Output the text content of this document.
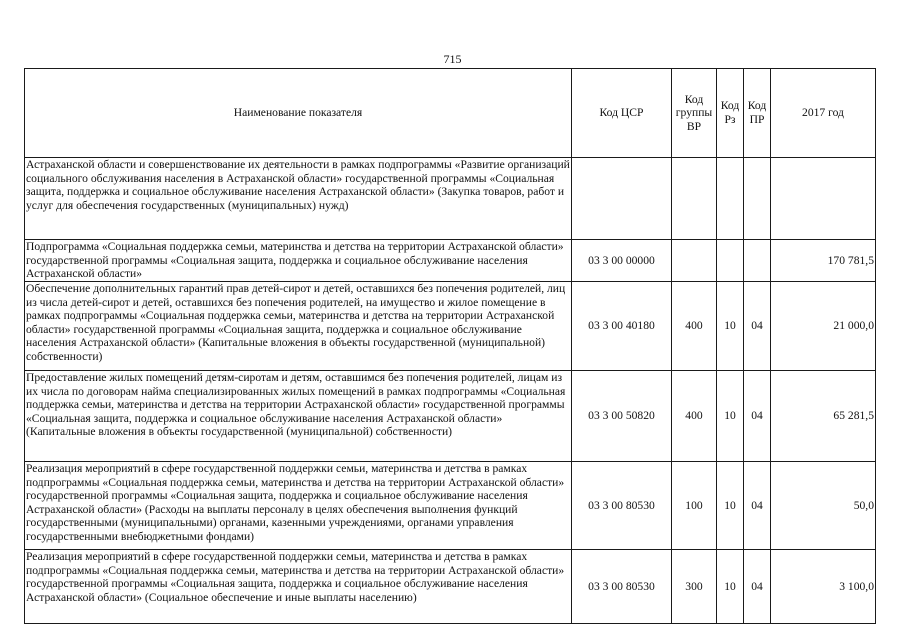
715
Наименование показателя	Код ЦСР	Код группы ВР	Код Рз	Код ПР	2017 год
Астраханской области и совершенствование их деятельности в рамках подпрограммы «Развитие организаций социального обслуживания населения в Астраханской области» государственной программы «Социальная защита, поддержка и социальное обслуживание населения Астраханской области» (Закупка товаров, работ и услуг для обеспечения государственных (муниципальных) нужд)					
Подпрограмма «Социальная поддержка семьи, материнства и детства на территории Астраханской области» государственной программы «Социальная защита, поддержка и социальное обслуживание населения Астраханской области»	03 3 00 00000				170 781,5
Обеспечение дополнительных гарантий прав детей-сирот и детей, оставшихся без попечения родителей, лиц из числа детей-сирот и детей, оставшихся без попечения родителей, на имущество и жилое помещение в рамках подпрограммы «Социальная поддержка семьи, материнства и детства на территории Астраханской области» государственной программы «Социальная защита, поддержка и социальное обслуживание населения Астраханской области» (Капитальные вложения в объекты государственной (муниципальной) собственности)	03 3 00 40180	400	10	04	21 000,0
Предоставление жилых помещений детям-сиротам и детям, оставшимся без попечения родителей, лицам из их числа по договорам найма специализированных жилых помещений в рамках подпрограммы «Социальная поддержка семьи, материнства и детства на территории Астраханской области» государственной программы «Социальная защита, поддержка и социальное обслуживание населения Астраханской области» (Капитальные вложения в объекты государственной (муниципальной) собственности)	03 3 00 50820	400	10	04	65 281,5
Реализация мероприятий в сфере государственной поддержки семьи, материнства и детства в рамках подпрограммы «Социальная поддержка семьи, материнства и детства на территории Астраханской области» государственной программы «Социальная защита, поддержка и социальное обслуживание населения Астраханской области» (Расходы на выплаты персоналу в целях обеспечения выполнения функций государственными (муниципальными) органами, казенными учреждениями, органами управления государственными внебюджетными фондами)	03 3 00 80530	100	10	04	50,0
Реализация мероприятий в сфере государственной поддержки семьи, материнства и детства в рамках подпрограммы «Социальная поддержка семьи, материнства и детства на территории Астраханской области» государственной программы «Социальная защита, поддержка и социальное обслуживание населения Астраханской области» (Социальное обеспечение и иные выплаты населению)	03 3 00 80530	300	10	04	3 100,0
